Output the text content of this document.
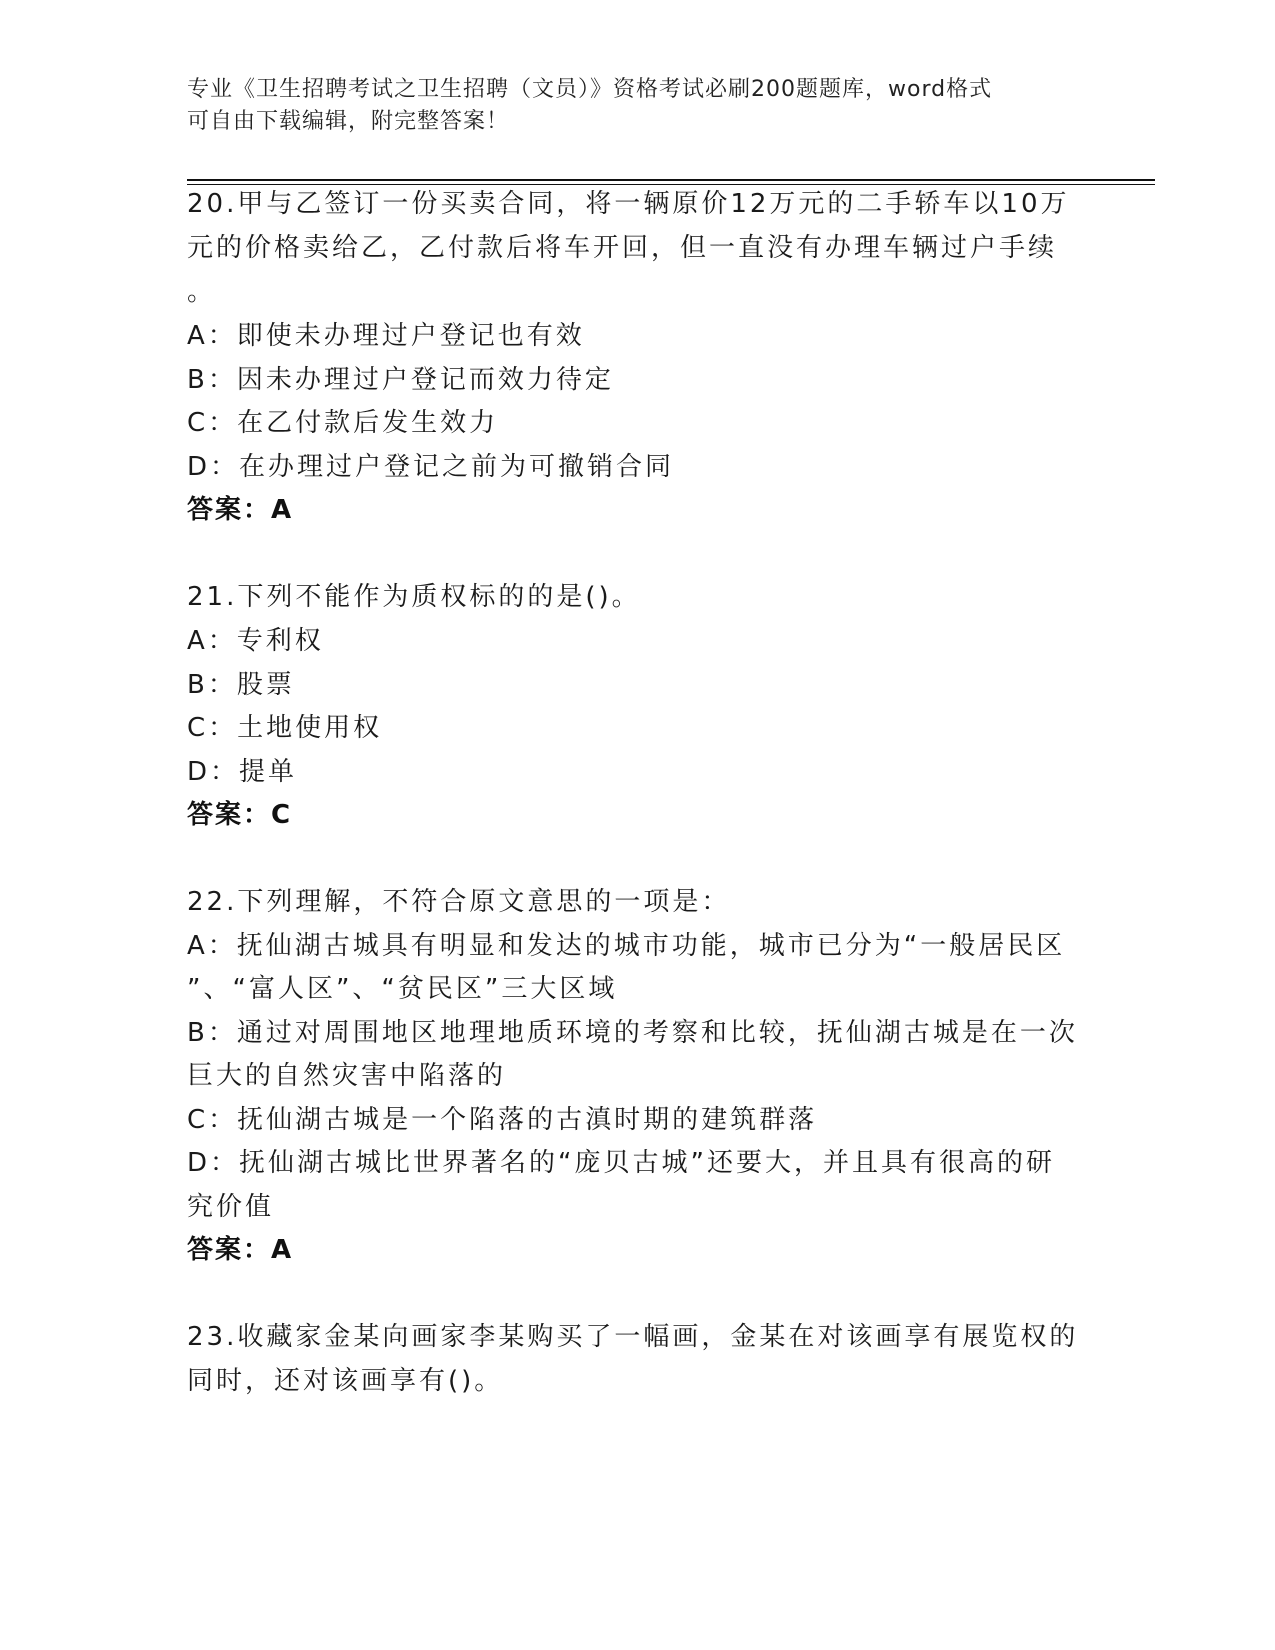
专业《卫生招聘考试之卫生招聘（文员）》资格考试必刷200题题库，word格式
可自由下载编辑，附完整答案！
20.甲与乙签订一份买卖合同，将一辆原价12万元的二手轿车以10万
元的价格卖给乙，乙付款后将车开回，但一直没有办理车辆过户手续
。
A：即使未办理过户登记也有效
B：因未办理过户登记而效力待定
C：在乙付款后发生效力
D：在办理过户登记之前为可撤销合同
答案：A
21.下列不能作为质权标的的是()。
A：专利权
B：股票
C：土地使用权
D：提单
答案：C
22.下列理解，不符合原文意思的一项是：
A：抚仙湖古城具有明显和发达的城市功能，城市已分为“一般居民区
”、“富人区”、“贫民区”三大区域
B：通过对周围地区地理地质环境的考察和比较，抚仙湖古城是在一次
巨大的自然灾害中陷落的
C：抚仙湖古城是一个陷落的古滇时期的建筑群落
D：抚仙湖古城比世界著名的“庞贝古城”还要大，并且具有很高的研
究价值
答案：A
23.收藏家金某向画家李某购买了一幅画，金某在对该画享有展览权的
同时，还对该画享有()。
